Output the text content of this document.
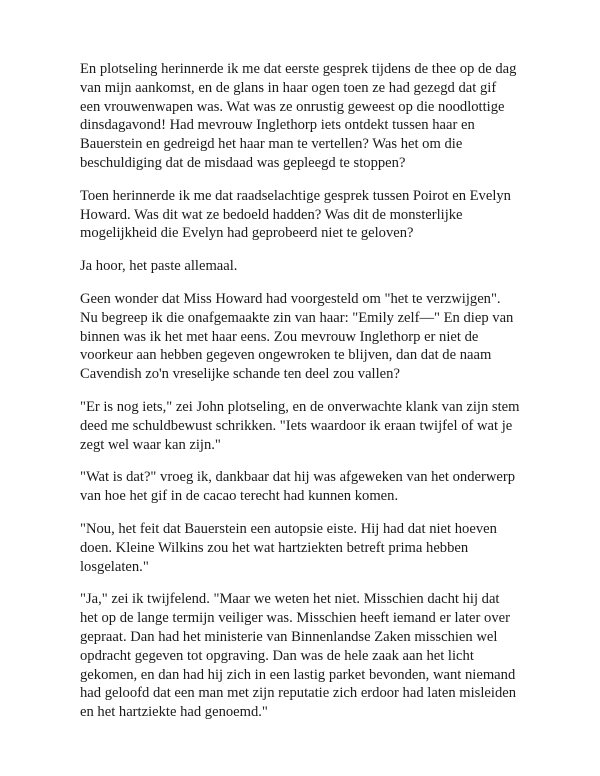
En plotseling herinnerde ik me dat eerste gesprek tijdens de thee op de dag van mijn aankomst, en de glans in haar ogen toen ze had gezegd dat gif een vrouwenwapen was. Wat was ze onrustig geweest op die noodlottige dinsdagavond! Had mevrouw Inglethorp iets ontdekt tussen haar en Bauerstein en gedreigd het haar man te vertellen? Was het om die beschuldiging dat de misdaad was gepleegd te stoppen?

Toen herinnerde ik me dat raadselachtige gesprek tussen Poirot en Evelyn Howard. Was dit wat ze bedoeld hadden? Was dit de monsterlijke mogelijkheid die Evelyn had geprobeerd niet te geloven?

Ja hoor, het paste allemaal.

Geen wonder dat Miss Howard had voorgesteld om "het te verzwijgen". Nu begreep ik die onafgemaakte zin van haar: "Emily zelf—" En diep van binnen was ik het met haar eens. Zou mevrouw Inglethorp er niet de voorkeur aan hebben gegeven ongewroken te blijven, dan dat de naam Cavendish zo'n vreselijke schande ten deel zou vallen?

"Er is nog iets," zei John plotseling, en de onverwachte klank van zijn stem deed me schuldbewust schrikken. "Iets waardoor ik eraan twijfel of wat je zegt wel waar kan zijn."

"Wat is dat?" vroeg ik, dankbaar dat hij was afgeweken van het onderwerp van hoe het gif in de cacao terecht had kunnen komen.

"Nou, het feit dat Bauerstein een autopsie eiste. Hij had dat niet hoeven doen. Kleine Wilkins zou het wat hartziekten betreft prima hebben losgelaten."

"Ja," zei ik twijfelend. "Maar we weten het niet. Misschien dacht hij dat het op de lange termijn veiliger was. Misschien heeft iemand er later over gepraat. Dan had het ministerie van Binnenlandse Zaken misschien wel opdracht gegeven tot opgraving. Dan was de hele zaak aan het licht gekomen, en dan had hij zich in een lastig parket bevonden, want niemand had geloofd dat een man met zijn reputatie zich erdoor had laten misleiden en het hartziekte had genoemd."
